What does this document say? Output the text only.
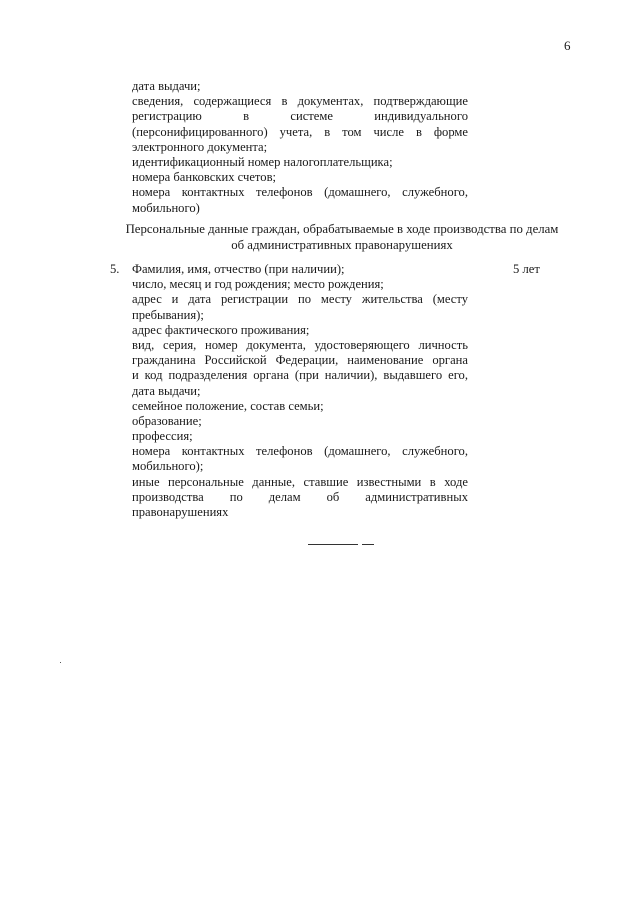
6
дата выдачи;
сведения, содержащиеся в документах, подтверждающие
регистрацию в системе индивидуального
(персонифицированного) учета, в том числе в форме
электронного документа;
идентификационный номер налогоплательщика;
номера банковских счетов;
номера контактных телефонов (домашнего, служебного,
мобильного)
Персональные данные граждан, обрабатываемые в ходе производства по делам
об административных правонарушениях
5. Фамилия, имя, отчество (при наличии);
число, месяц и год рождения; место рождения;
адрес и дата регистрации по месту жительства (месту
пребывания);
адрес фактического проживания;
вид, серия, номер документа, удостоверяющего личность
гражданина Российской Федерации, наименование органа
и код подразделения органа (при наличии), выдавшего его,
дата выдачи;
семейное положение, состав семьи;
образование;
профессия;
номера контактных телефонов (домашнего, служебного,
мобильного);
иные персональные данные, ставшие известными в ходе
производства по делам об административных
правонарушениях
5 лет
